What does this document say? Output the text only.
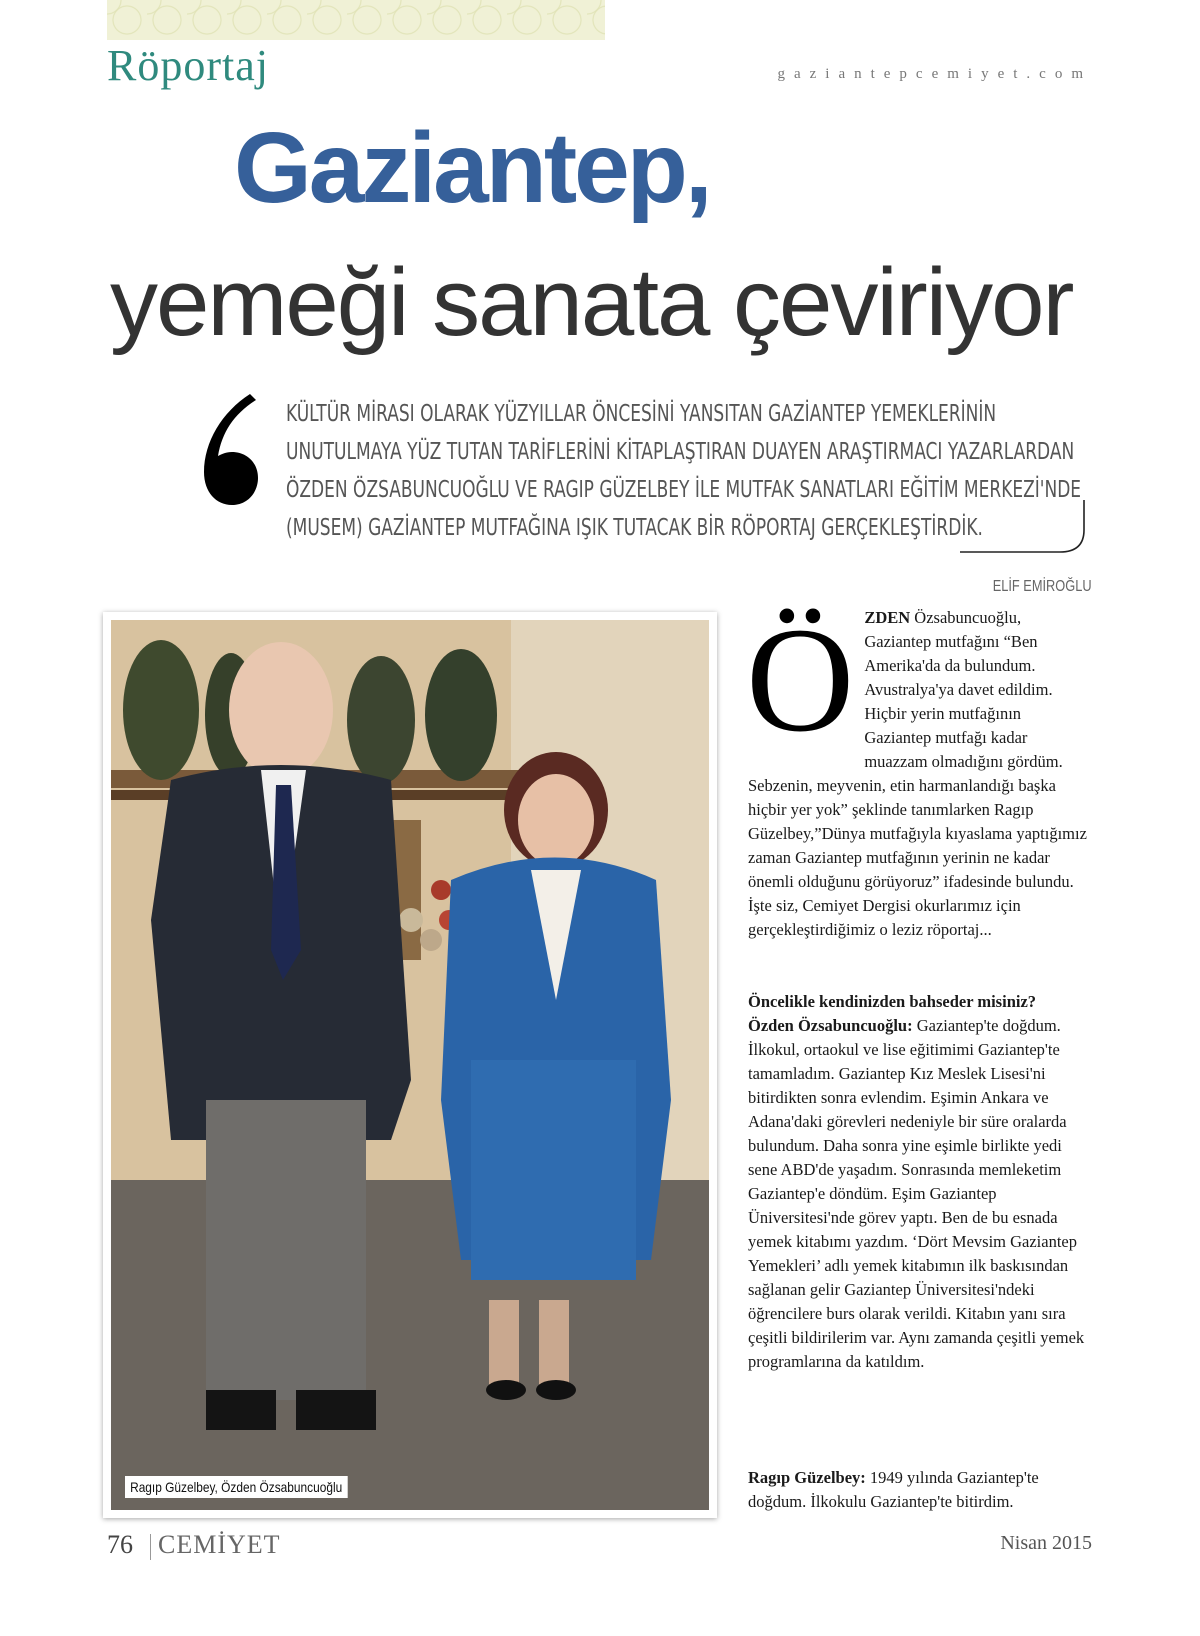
Röportaj	gaziantepcemiyet.com
Gaziantep,
yemeği sanata çeviriyor
KÜLTÜR MİRASI OLARAK YÜZYILLAR ÖNCESİNİ YANSITAN GAZİANTEP YEMEKLERİNİN
UNUTULMAYA YÜZ TUTAN TARİFLERİNİ KİTAPLAŞTIRAN DUAYEN ARAŞTIRMACI YAZARLARDAN
ÖZDEN ÖZSABUNCUOĞLU VE RAGIP GÜZELBEY İLE MUTFAK SANATLARI EĞİTİM MERKEZİ'NDE
(MUSEM) GAZİANTEP MUTFAĞINA IŞIK TUTACAK BİR RÖPORTAJ GERÇEKLEŞTİRDİK.
ELİF EMİROĞLU
Ragıp Güzelbey, Özden Özsabuncuoğlu
ÖZDEN Özsabuncuoğlu, Gaziantep mutfağını “Ben Amerika'da da bulundum. Avustralya'ya davet edildim. Hiçbir yerin mutfağının Gaziantep mutfağı kadar muazzam olmadığını gördüm. Sebzenin, meyvenin, etin harmanlandığı başka hiçbir yer yok” şeklinde tanımlarken Ragıp Güzelbey,”Dünya mutfağıyla kıyaslama yaptığımız zaman Gaziantep mutfağının yerinin ne kadar önemli olduğunu görüyoruz” ifadesinde bulundu. İşte siz, Cemiyet Dergisi okurlarımız için gerçekleştirdiğimiz o leziz röportaj...
Öncelikle kendinizden bahseder misiniz?
Özden Özsabuncuoğlu: Gaziantep'te doğdum. İlkokul, ortaokul ve lise eğitimimi Gaziantep'te tamamladım. Gaziantep Kız Meslek Lisesi'ni bitirdikten sonra evlendim. Eşimin Ankara ve Adana'daki görevleri nedeniyle bir süre oralarda bulundum. Daha sonra yine eşimle birlikte yedi sene ABD'de yaşadım. Sonrasında memleketim Gaziantep'e döndüm. Eşim Gaziantep Üniversitesi'nde görev yaptı. Ben de bu esnada yemek kitabımı yazdım. ‘Dört Mevsim Gaziantep Yemekleri’ adlı yemek kitabımın ilk baskısından sağlanan gelir Gaziantep Üniversitesi'ndeki öğrencilere burs olarak verildi. Kitabın yanı sıra çeşitli bildirilerim var. Aynı zamanda çeşitli yemek programlarına da katıldım.
Ragıp Güzelbey: 1949 yılında Gaziantep'te doğdum. İlkokulu Gaziantep'te bitirdim.
76 CEMİYET	Nisan 2015
